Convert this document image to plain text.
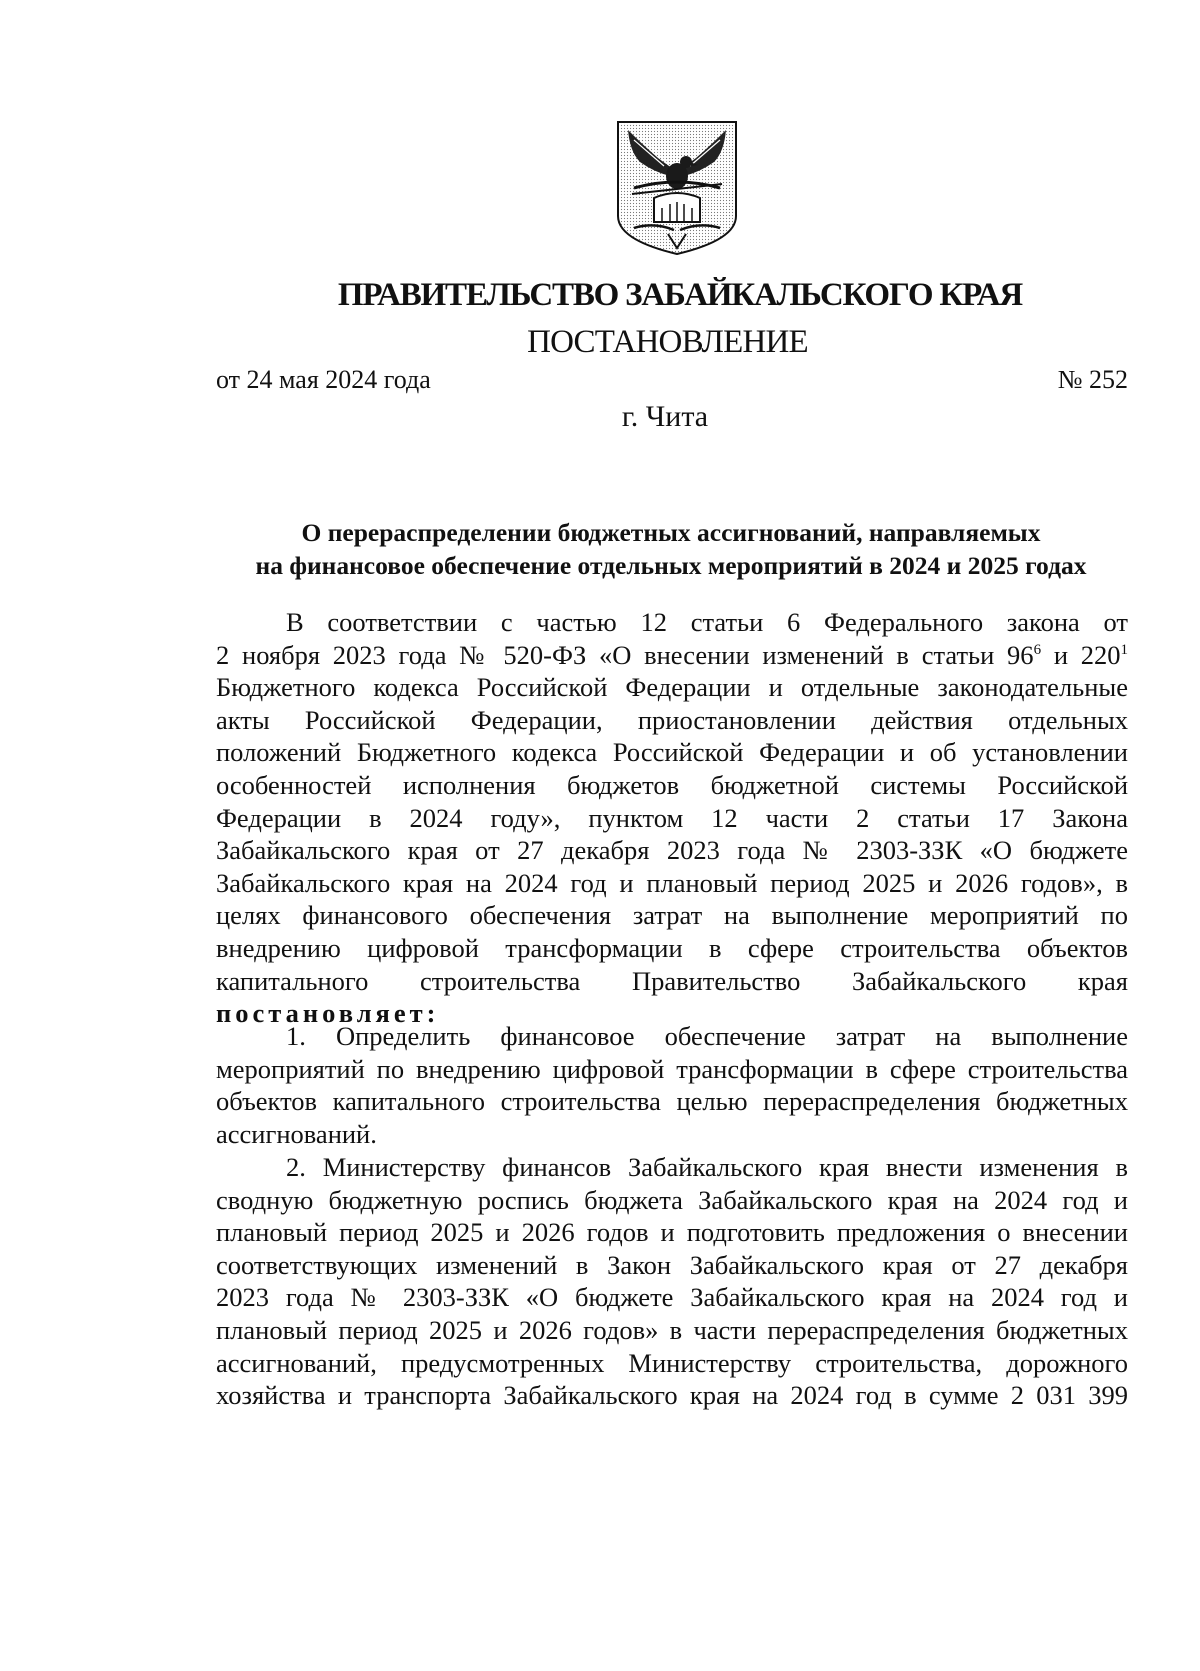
ПРАВИТЕЛЬСТВО ЗАБАЙКАЛЬСКОГО КРАЯ
ПОСТАНОВЛЕНИЕ
от 24 мая 2024 года	№ 252
г. Чита
О перераспределении бюджетных ассигнований, направляемых
на финансовое обеспечение отдельных мероприятий в 2024 и 2025 годах
В соответствии с частью 12 статьи 6 Федерального закона от
2 ноября 2023 года № 520-ФЗ «О внесении изменений в статьи $96^6$ и $220^1$
Бюджетного кодекса Российской Федерации и отдельные законодательные
акты Российской Федерации, приостановлении действия отдельных
положений Бюджетного кодекса Российской Федерации и об установлении
особенностей исполнения бюджетов бюджетной системы Российской
Федерации в 2024 году», пунктом 12 части 2 статьи 17 Закона
Забайкальского края от 27 декабря 2023 года № 2303-ЗЗК «О бюджете
Забайкальского края на 2024 год и плановый период 2025 и 2026 годов», в
целях финансового обеспечения затрат на выполнение мероприятий по
внедрению цифровой трансформации в сфере строительства объектов
капитального строительства Правительство Забайкальского края
постановляет:
1. Определить финансовое обеспечение затрат на выполнение
мероприятий по внедрению цифровой трансформации в сфере строительства
объектов капитального строительства целью перераспределения бюджетных
ассигнований.
2. Министерству финансов Забайкальского края внести изменения в
сводную бюджетную роспись бюджета Забайкальского края на 2024 год и
плановый период 2025 и 2026 годов и подготовить предложения о внесении
соответствующих изменений в Закон Забайкальского края от 27 декабря
2023 года № 2303-ЗЗК «О бюджете Забайкальского края на 2024 год и
плановый период 2025 и 2026 годов» в части перераспределения бюджетных
ассигнований, предусмотренных Министерству строительства, дорожного
хозяйства и транспорта Забайкальского края на 2024 год в сумме 2 031 399
